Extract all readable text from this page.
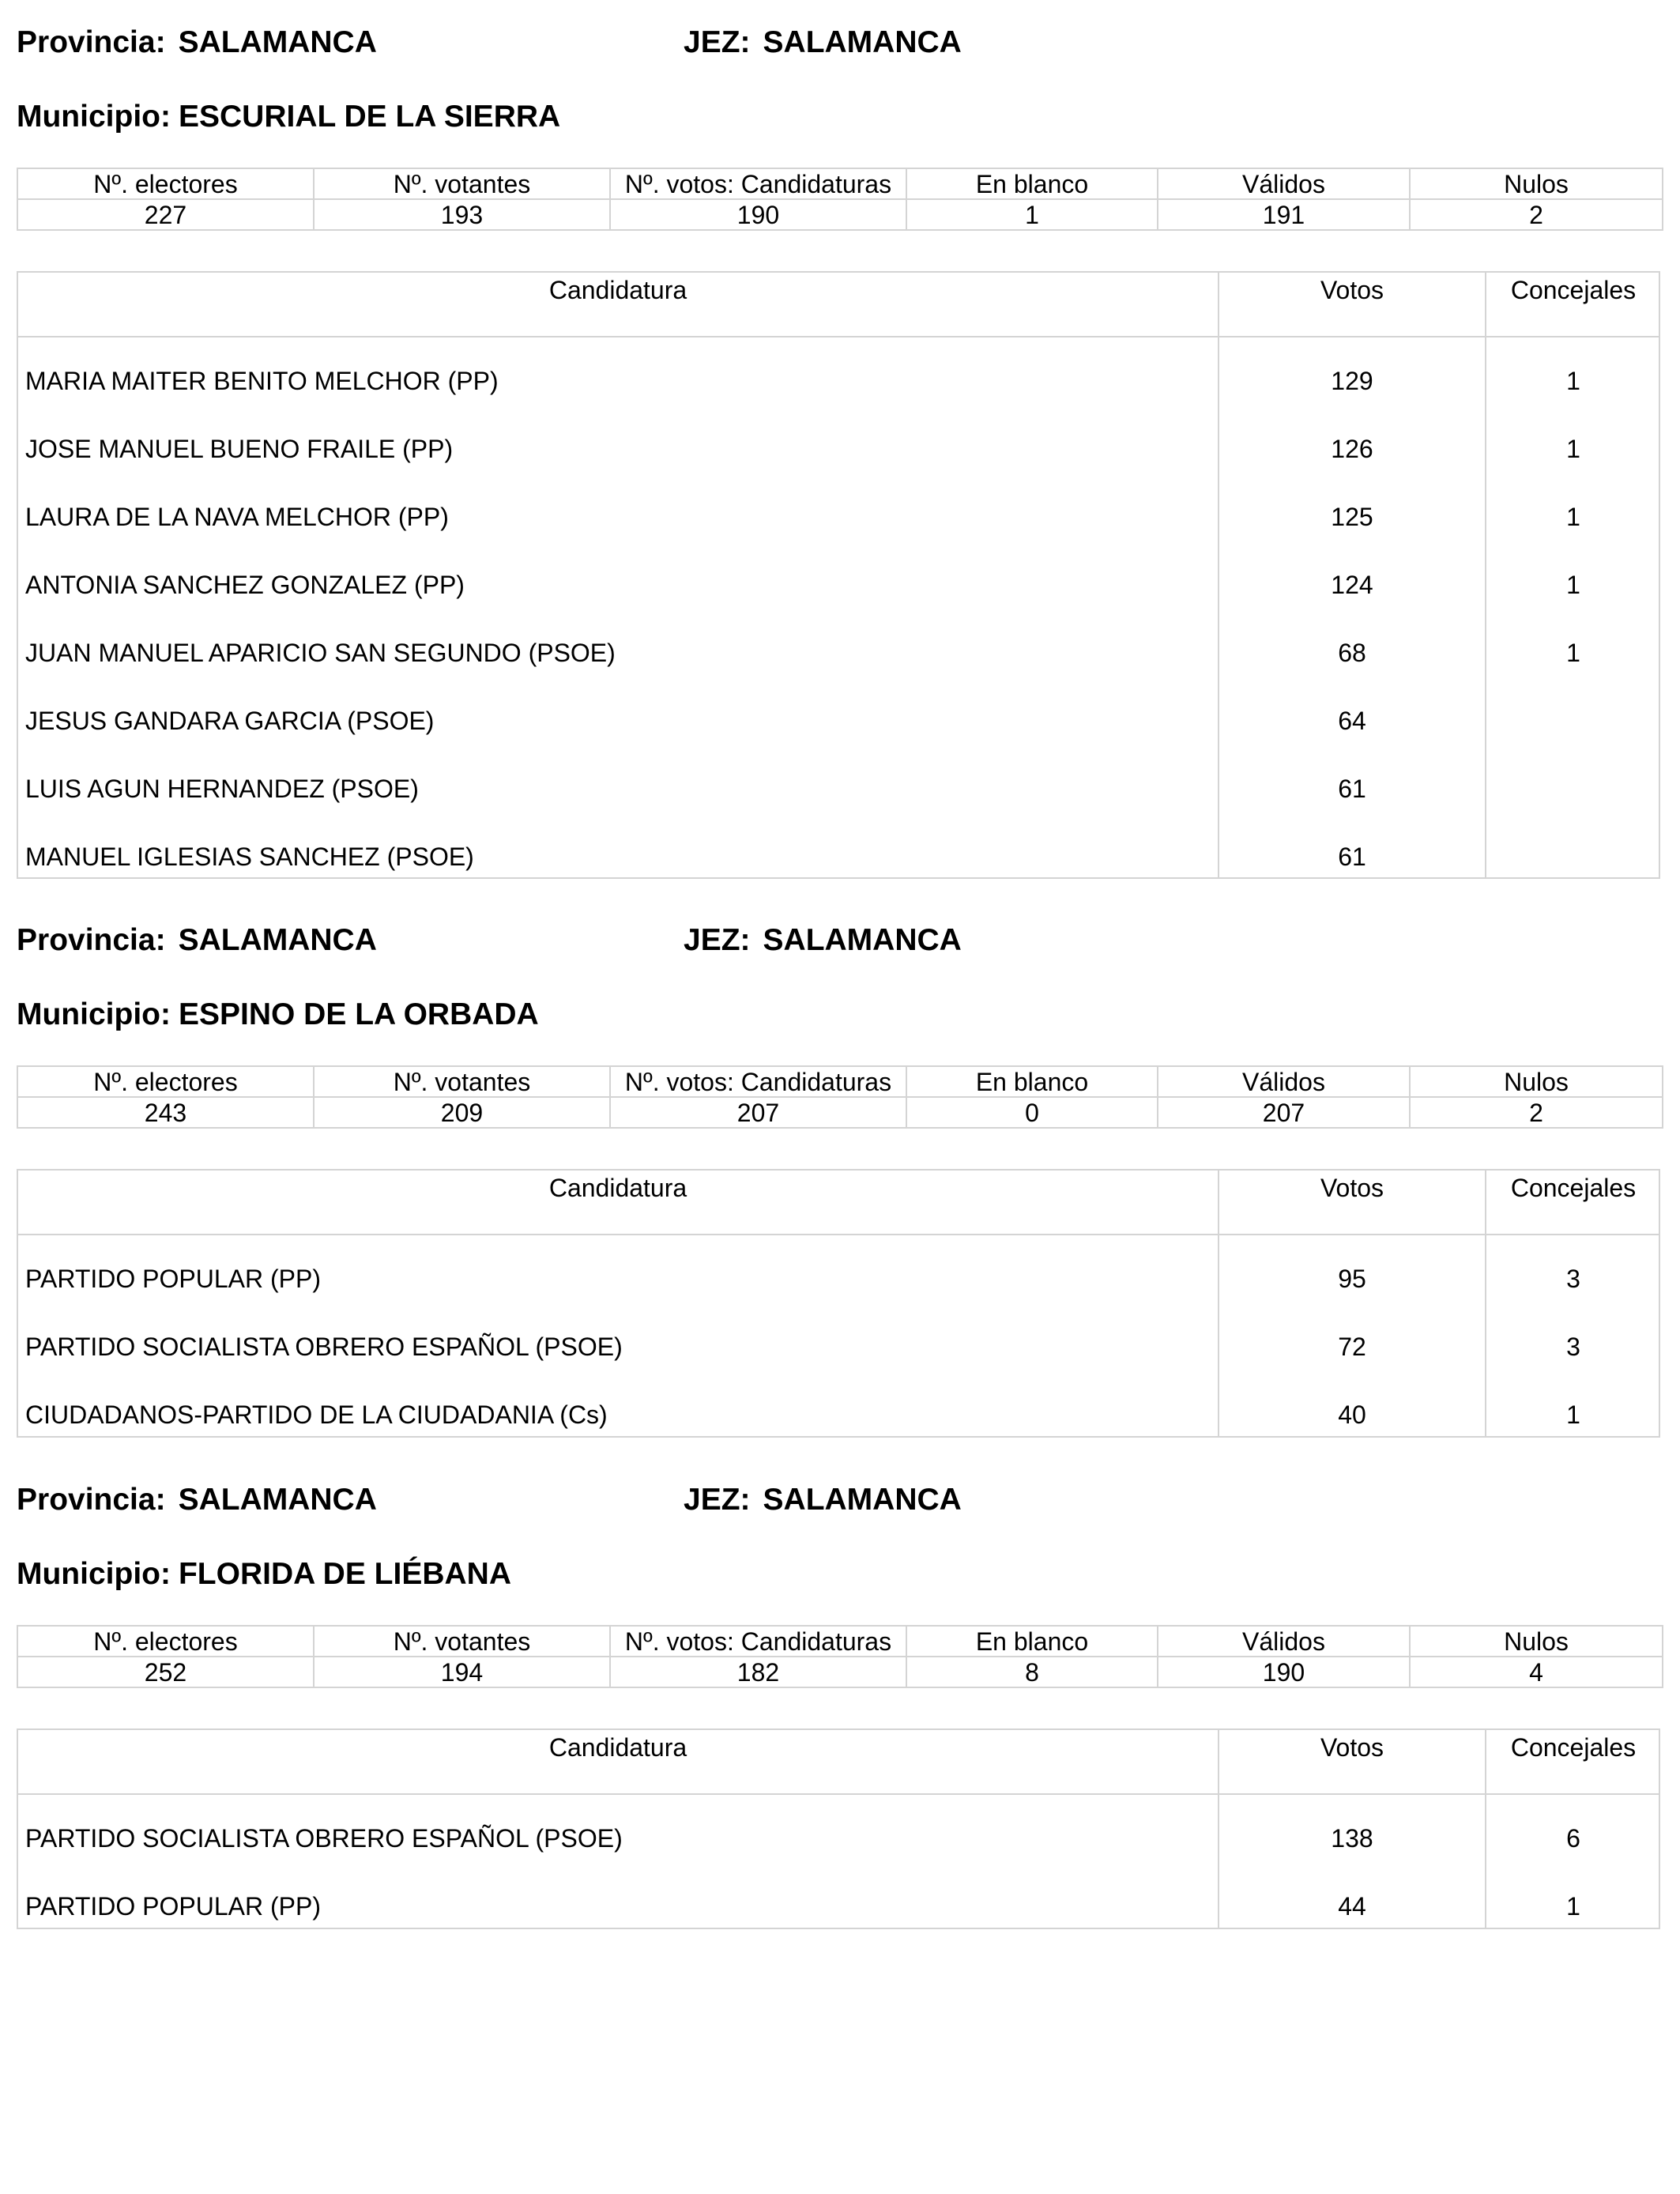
Provincia: SALAMANCA	JEZ: SALAMANCA
Municipio: ESCURIAL DE LA SIERRA
Nº. electores	Nº. votantes	Nº. votos: Candidaturas	En blanco	Válidos	Nulos
227	193	190	1	191	2
Candidatura	Votos	Concejales
MARIA MAITER BENITO MELCHOR (PP)	129	1
JOSE MANUEL BUENO FRAILE (PP)	126	1
LAURA DE LA NAVA MELCHOR (PP)	125	1
ANTONIA SANCHEZ GONZALEZ (PP)	124	1
JUAN MANUEL APARICIO SAN SEGUNDO (PSOE)	68	1
JESUS GANDARA GARCIA (PSOE)	64
LUIS AGUN HERNANDEZ (PSOE)	61
MANUEL IGLESIAS SANCHEZ (PSOE)	61
Provincia: SALAMANCA	JEZ: SALAMANCA
Municipio: ESPINO DE LA ORBADA
Nº. electores	Nº. votantes	Nº. votos: Candidaturas	En blanco	Válidos	Nulos
243	209	207	0	207	2
Candidatura	Votos	Concejales
PARTIDO POPULAR (PP)	95	3
PARTIDO SOCIALISTA OBRERO ESPAÑOL (PSOE)	72	3
CIUDADANOS-PARTIDO DE LA CIUDADANIA (Cs)	40	1
Provincia: SALAMANCA	JEZ: SALAMANCA
Municipio: FLORIDA DE LIÉBANA
Nº. electores	Nº. votantes	Nº. votos: Candidaturas	En blanco	Válidos	Nulos
252	194	182	8	190	4
Candidatura	Votos	Concejales
PARTIDO SOCIALISTA OBRERO ESPAÑOL (PSOE)	138	6
PARTIDO POPULAR (PP)	44	1
